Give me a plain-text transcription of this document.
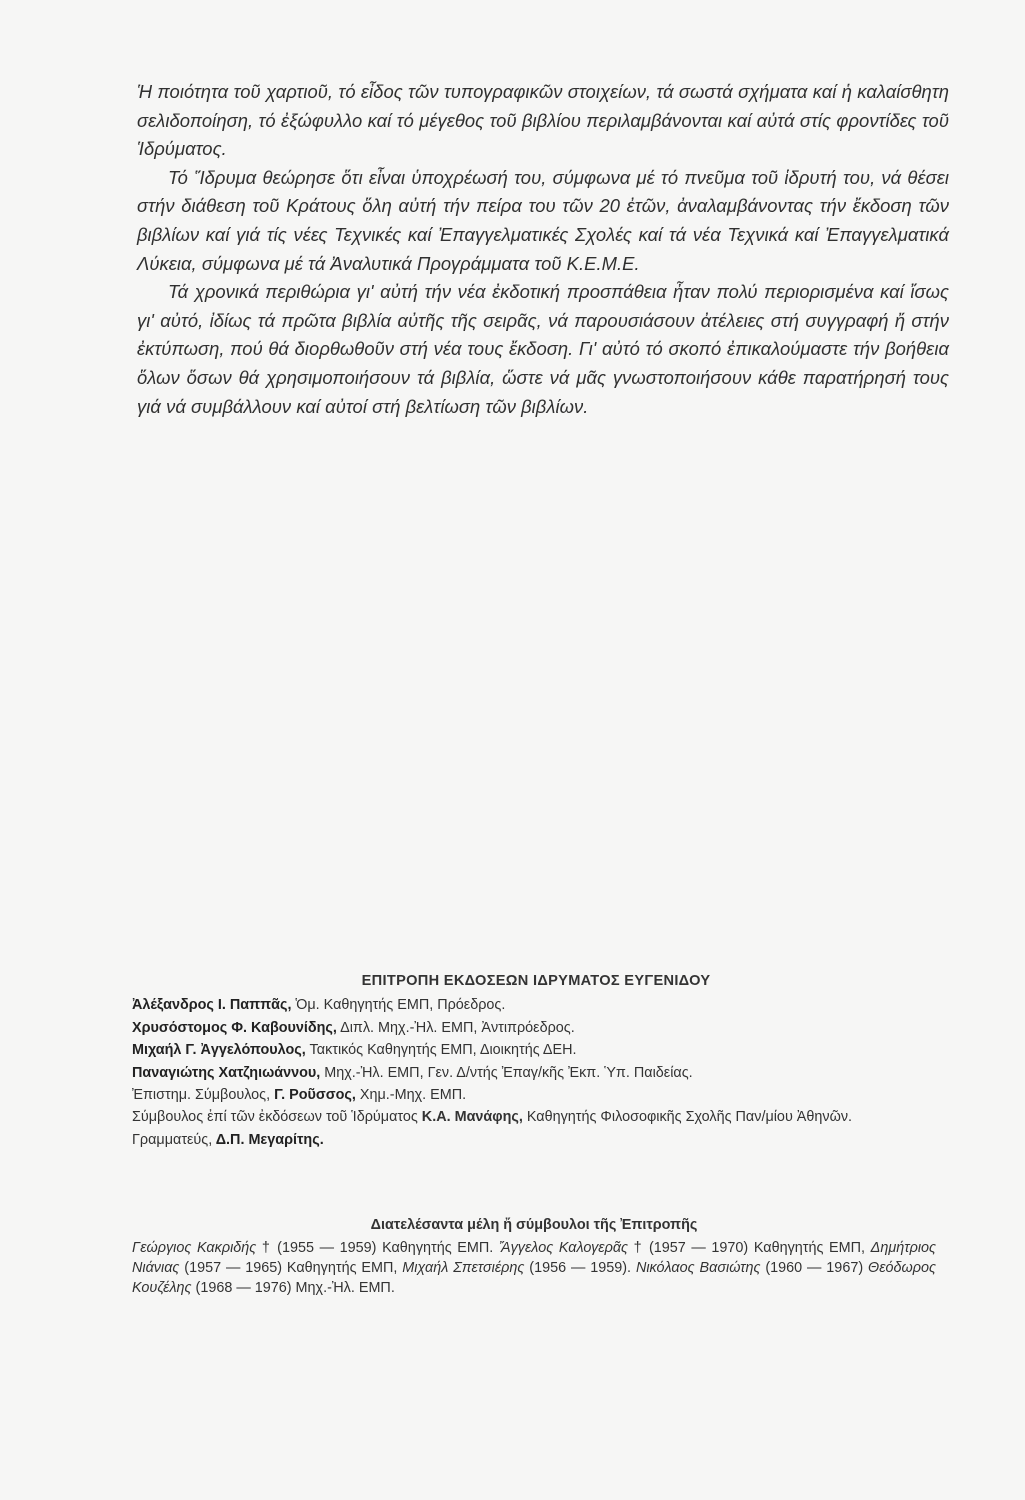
Ἡ ποιότητα τοῦ χαρτιοῦ, τό εἶδος τῶν τυπογραφικῶν στοιχείων, τά σωστά σχήματα καί ἡ καλαίσθητη σελιδοποίηση, τό ἐξώφυλλο καί τό μέγεθος τοῦ βιβλίου περιλαμβάνονται καί αὐτά στίς φροντίδες τοῦ Ἱδρύματος.

Τό Ἵδρυμα θεώρησε ὅτι εἶναι ὑποχρέωσή του, σύμφωνα μέ τό πνεῦμα τοῦ ἱδρυτή του, νά θέσει στήν διάθεση τοῦ Κράτους ὅλη αὐτή τήν πείρα του τῶν 20 ἐτῶν, ἀναλαμβάνοντας τήν ἔκδοση τῶν βιβλίων καί γιά τίς νέες Τεχνικές καί Ἐπαγγελματικές Σχολές καί τά νέα Τεχνικά καί Ἐπαγγελματικά Λύκεια, σύμφωνα μέ τά Ἀναλυτικά Προγράμματα τοῦ Κ.Ε.Μ.Ε.

Τά χρονικά περιθώρια γι' αὐτή τήν νέα ἐκδοτική προσπάθεια ἦταν πολύ περιορισμένα καί ἴσως γι' αὐτό, ἰδίως τά πρῶτα βιβλία αὐτῆς τῆς σειρᾶς, νά παρουσιάσουν ἀτέλειες στή συγγραφή ἤ στήν ἐκτύπωση, πού θά διορθωθοῦν στή νέα τους ἔκδοση. Γι' αὐτό τό σκοπό ἐπικαλούμαστε τήν βοήθεια ὅλων ὅσων θά χρησιμοποιήσουν τά βιβλία, ὥστε νά μᾶς γνωστοποιήσουν κάθε παρατήρησή τους γιά νά συμβάλλουν καί αὐτοί στή βελτίωση τῶν βιβλίων.

ΕΠΙΤΡΟΠΗ ΕΚΔΟΣΕΩΝ ΙΔΡΥΜΑΤΟΣ ΕΥΓΕΝΙΔΟΥ

Ἀλέξανδρος Ι. Παππᾶς, Ὁμ. Καθηγητής ΕΜΠ, Πρόεδρος.

Χρυσόστομος Φ. Καβουνίδης, Διπλ. Μηχ.-Ἠλ. ΕΜΠ, Ἀντιπρόεδρος.

Μιχαήλ Γ. Ἀγγελόπουλος, Τακτικός Καθηγητής ΕΜΠ, Διοικητής ΔΕΗ.

Παναγιώτης Χατζηιωάννου, Μηχ.-Ἠλ. ΕΜΠ, Γεν. Δ/ντής Ἐπαγ/κῆς Ἐκπ. Ὑπ. Παιδείας.

Ἐπιστημ. Σύμβουλος, Γ. Ροῦσσος, Χημ.-Μηχ. ΕΜΠ.

Σύμβουλος ἐπί τῶν ἐκδόσεων τοῦ Ἱδρύματος Κ.Α. Μανάφης, Καθηγητής Φιλοσοφικῆς Σχολῆς Παν/μίου Ἀθηνῶν.

Γραμματεύς, Δ.Π. Μεγαρίτης.

Διατελέσαντα μέλη ἤ σύμβουλοι τῆς Ἐπιτροπῆς

Γεώργιος Κακριδής † (1955 — 1959) Καθηγητής ΕΜΠ. Ἄγγελος Καλογερᾶς † (1957 — 1970) Καθηγητής ΕΜΠ, Δημήτριος Νιάνιας (1957 — 1965) Καθηγητής ΕΜΠ, Μιχαήλ Σπετσιέρης (1956 — 1959). Νικόλαος Βασιώτης (1960 — 1967) Θεόδωρος Κουζέλης (1968 — 1976) Μηχ.-Ἠλ. ΕΜΠ.
